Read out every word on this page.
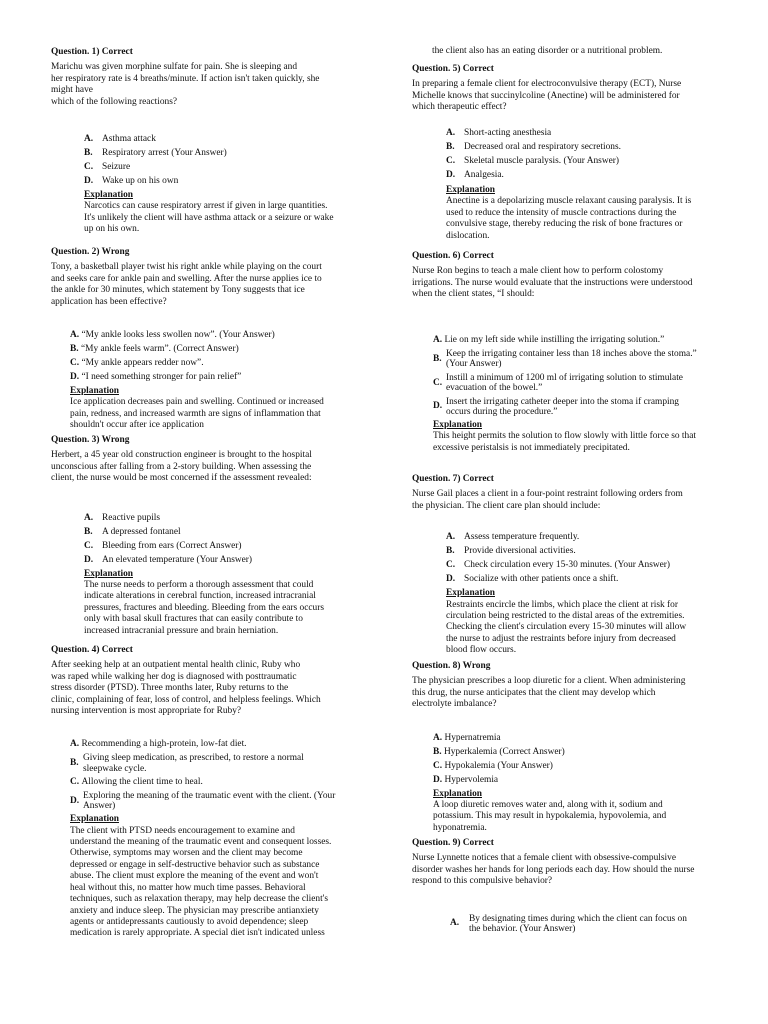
Question. 1) Correct
Marichu was given morphine sulfate for pain. She is sleeping and
her respiratory rate is 4 breaths/minute. If action isn't taken quickly, she
might have
which of the following reactions?
A. Asthma attack
B. Respiratory arrest (Your Answer)
C. Seizure
D. Wake up on his own
Explanation
Narcotics can cause respiratory arrest if given in large quantities.
It's unlikely the client will have asthma attack or a seizure or wake
up on his own.
Question. 2) Wrong
Tony, a basketball player twist his right ankle while playing on the court
and seeks care for ankle pain and swelling. After the nurse applies ice to
the ankle for 30 minutes, which statement by Tony suggests that ice
application has been effective?
A.
“My ankle looks less swollen now”. (Your Answer)
B.
“My ankle feels warm”. (Correct Answer)
C.
“My ankle appears redder now”.
D.
“I need something stronger for pain relief”
Explanation
Ice application decreases pain and swelling. Continued or increased
pain, redness, and increased warmth are signs of inflammation that
shouldn't occur after ice application
Question. 3) Wrong
Herbert, a 45 year old construction engineer is brought to the hospital
unconscious after falling from a 2-story building. When assessing the
client, the nurse would be most concerned if the assessment revealed:
A. Reactive pupils
B. A depressed fontanel
C. Bleeding from ears (Correct Answer)
D. An elevated temperature (Your Answer)
Explanation
The nurse needs to perform a thorough assessment that could
indicate alterations in cerebral function, increased intracranial
pressures, fractures and bleeding. Bleeding from the ears occurs
only with basal skull fractures that can easily contribute to
increased intracranial pressure and brain herniation.
Question. 4) Correct
After seeking help at an outpatient mental health clinic, Ruby who
was raped while walking her dog is diagnosed with posttraumatic
stress disorder (PTSD). Three months later, Ruby returns to the
clinic, complaining of fear, loss of control, and helpless feelings. Which
nursing intervention is most appropriate for Ruby?
A.
Recommending a high-protein, low-fat diet.
B. Giving sleep medication, as prescribed, to restore a normal
sleepwake cycle.
C.
Allowing the client time to heal.
D. Exploring the meaning of the traumatic event with the client. (Your
Answer)
Explanation
The client with PTSD needs encouragement to examine and
understand the meaning of the traumatic event and consequent losses.
Otherwise, symptoms may worsen and the client may become
depressed or engage in self-destructive behavior such as substance
abuse. The client must explore the meaning of the event and won't
heal without this, no matter how much time passes. Behavioral
techniques, such as relaxation therapy, may help decrease the client's
anxiety and induce sleep. The physician may prescribe antianxiety
agents or antidepressants cautiously to avoid dependence; sleep
medication is rarely appropriate. A special diet isn't indicated unless
the client also has an eating disorder or a nutritional problem.
Question. 5) Correct
In preparing a female client for electroconvulsive therapy (ECT), Nurse
Michelle knows that succinylcoline (Anectine) will be administered for
which therapeutic effect?
A. Short-acting anesthesia
B. Decreased oral and respiratory secretions.
C. Skeletal muscle paralysis. (Your Answer)
D. Analgesia.
Explanation
Anectine is a depolarizing muscle relaxant causing paralysis. It is
used to reduce the intensity of muscle contractions during the
convulsive stage, thereby reducing the risk of bone fractures or
dislocation.
Question. 6) Correct
Nurse Ron begins to teach a male client how to perform colostomy
irrigations. The nurse would evaluate that the instructions were understood
when the client states, “I should:
A.
Lie on my left side while instilling the irrigating solution.”
B. Keep the irrigating container less than 18 inches above the stoma.”
(Your Answer)
C. Instill a minimum of 1200 ml of irrigating solution to stimulate
evacuation of the bowel.”
D. Insert the irrigating catheter deeper into the stoma if cramping
occurs during the procedure.”
Explanation
This height permits the solution to flow slowly with little force so that
excessive peristalsis is not immediately precipitated.
Question. 7) Correct
Nurse Gail places a client in a four-point restraint following orders from
the physician. The client care plan should include:
A. Assess temperature frequently.
B. Provide diversional activities.
C. Check circulation every 15-30 minutes. (Your Answer)
D. Socialize with other patients once a shift.
Explanation
Restraints encircle the limbs, which place the client at risk for
circulation being restricted to the distal areas of the extremities.
Checking the client's circulation every 15-30 minutes will allow
the nurse to adjust the restraints before injury from decreased
blood flow occurs.
Question. 8) Wrong
The physician prescribes a loop diuretic for a client. When administering
this drug, the nurse anticipates that the client may develop which
electrolyte imbalance?
A.
Hypernatremia
B.
Hyperkalemia (Correct Answer)
C.
Hypokalemia (Your Answer)
D.
Hypervolemia
Explanation
A loop diuretic removes water and, along with it, sodium and
potassium. This may result in hypokalemia, hypovolemia, and
hyponatremia.
Question. 9) Correct
Nurse Lynnette notices that a female client with obsessive-compulsive
disorder washes her hands for long periods each day. How should the nurse
respond to this compulsive behavior?
A.	By designating times during which the client can focus on
the behavior. (Your Answer)
